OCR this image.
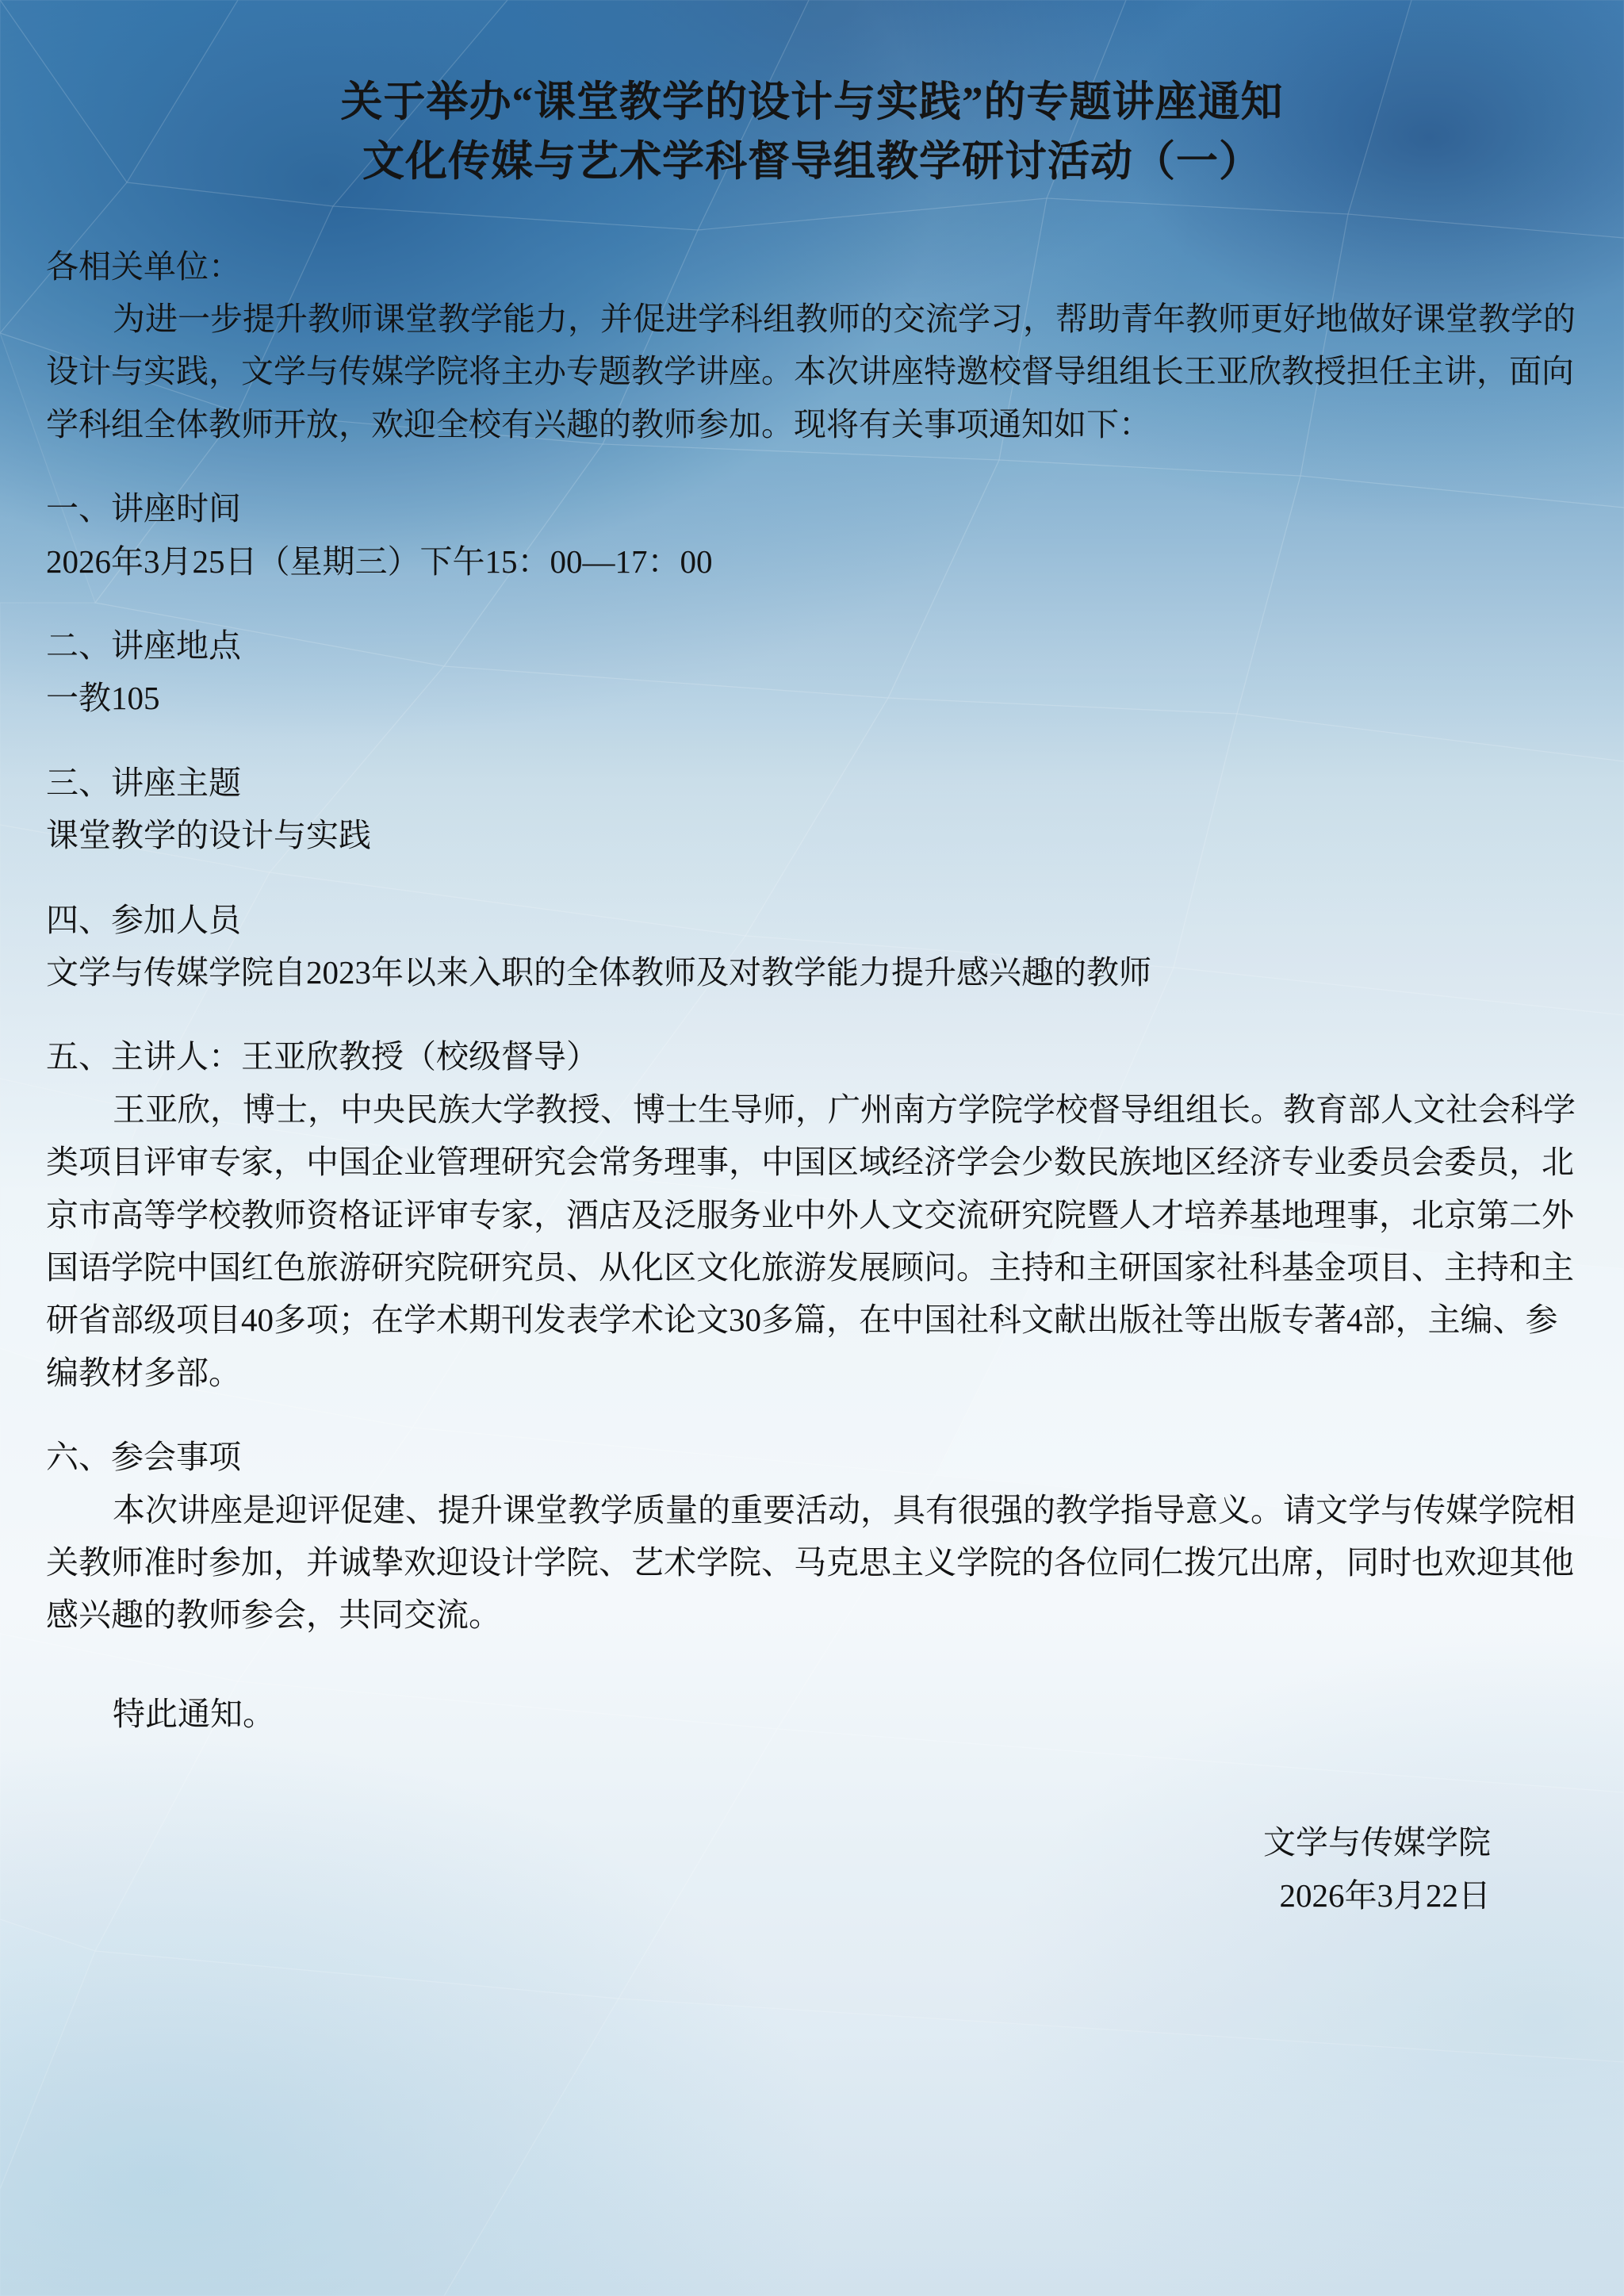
关于举办“课堂教学的设计与实践”的专题讲座通知
文化传媒与艺术学科督导组教学研讨活动（一）

各相关单位：

为进一步提升教师课堂教学能力，并促进学科组教师的交流学习，帮助青年教师更好地做好课堂教学的设计与实践，文学与传媒学院将主办专题教学讲座。本次讲座特邀校督导组组长王亚欣教授担任主讲，面向学科组全体教师开放，欢迎全校有兴趣的教师参加。现将有关事项通知如下：

一、讲座时间

2026年3月25日（星期三）下午15：00—17：00

二、讲座地点

一教105

三、讲座主题

课堂教学的设计与实践

四、参加人员

文学与传媒学院自2023年以来入职的全体教师及对教学能力提升感兴趣的教师

五、主讲人：王亚欣教授（校级督导）

王亚欣，博士，中央民族大学教授、博士生导师，广州南方学院学校督导组组长。教育部人文社会科学类项目评审专家，中国企业管理研究会常务理事，中国区域经济学会少数民族地区经济专业委员会委员，北京市高等学校教师资格证评审专家，酒店及泛服务业中外人文交流研究院暨人才培养基地理事，北京第二外国语学院中国红色旅游研究院研究员、从化区文化旅游发展顾问。主持和主研国家社科基金项目、主持和主研省部级项目40多项；在学术期刊发表学术论文30多篇，在中国社科文献出版社等出版专著4部，主编、参编教材多部。

六、参会事项

本次讲座是迎评促建、提升课堂教学质量的重要活动，具有很强的教学指导意义。请文学与传媒学院相关教师准时参加，并诚挚欢迎设计学院、艺术学院、马克思主义学院的各位同仁拨冗出席，同时也欢迎其他感兴趣的教师参会，共同交流。

特此通知。

文学与传媒学院
2026年3月22日
